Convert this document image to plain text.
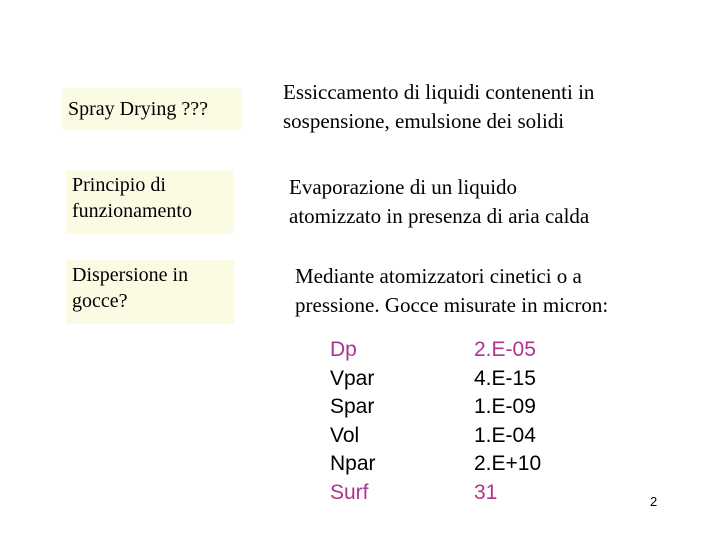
Spray Drying ???
Essiccamento di liquidi contenenti in
sospensione, emulsione dei solidi
Principio di
funzionamento
Evaporazione di un liquido
atomizzato in presenza di aria calda
Dispersione in
gocce?
Mediante atomizzatori cinetici o a
pressione. Gocce misurate in micron:
Dp
Vpar
Spar
Vol
Npar
Surf
2.E-05
4.E-15
1.E-09
1.E-04
2.E+10
31	2
